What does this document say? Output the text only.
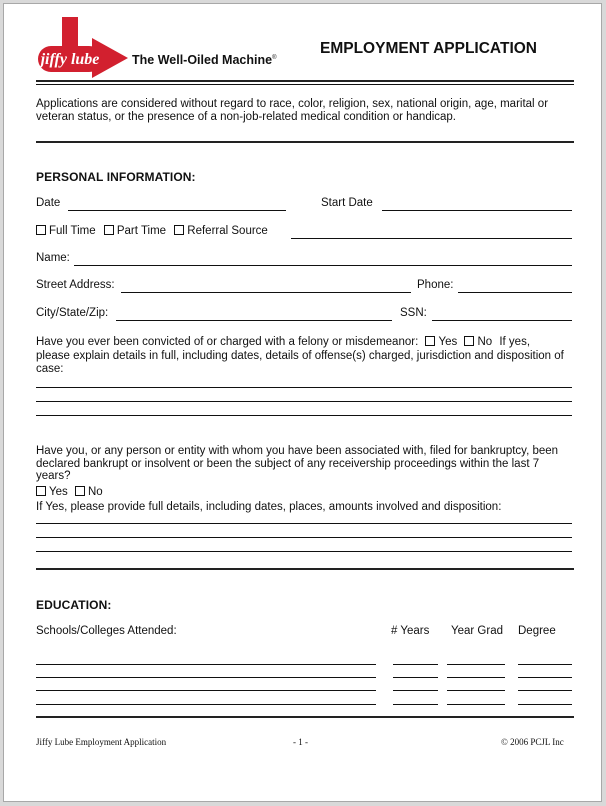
jiffy lube	The Well-Oiled Machine®
EMPLOYMENT APPLICATION
Applications are considered without regard to race, color, religion, sex, national origin, age, marital or veteran status, or the presence of a non-job-related medical condition or handicap.
PERSONAL INFORMATION:
Date	Start Date
Full Time Part Time Referral Source
Name:
Street Address:	Phone:
City/State/Zip:	SSN:
Have you ever been convicted of or charged with a felony or misdemeanor: Yes No If yes,
please explain details in full, including dates, details of offense(s) charged, jurisdiction and disposition of case:
Have you, or any person or entity with whom you have been associated with, filed for bankruptcy, been declared bankrupt or insolvent or been the subject of any receivership proceedings within the last 7 years?
Yes No
If Yes, please provide full details, including dates, places, amounts involved and disposition:
EDUCATION:
Schools/Colleges Attended:	# Years Year Grad Degree
Jiffy Lube Employment Application	- 1 -	© 2006 PCJL Inc
